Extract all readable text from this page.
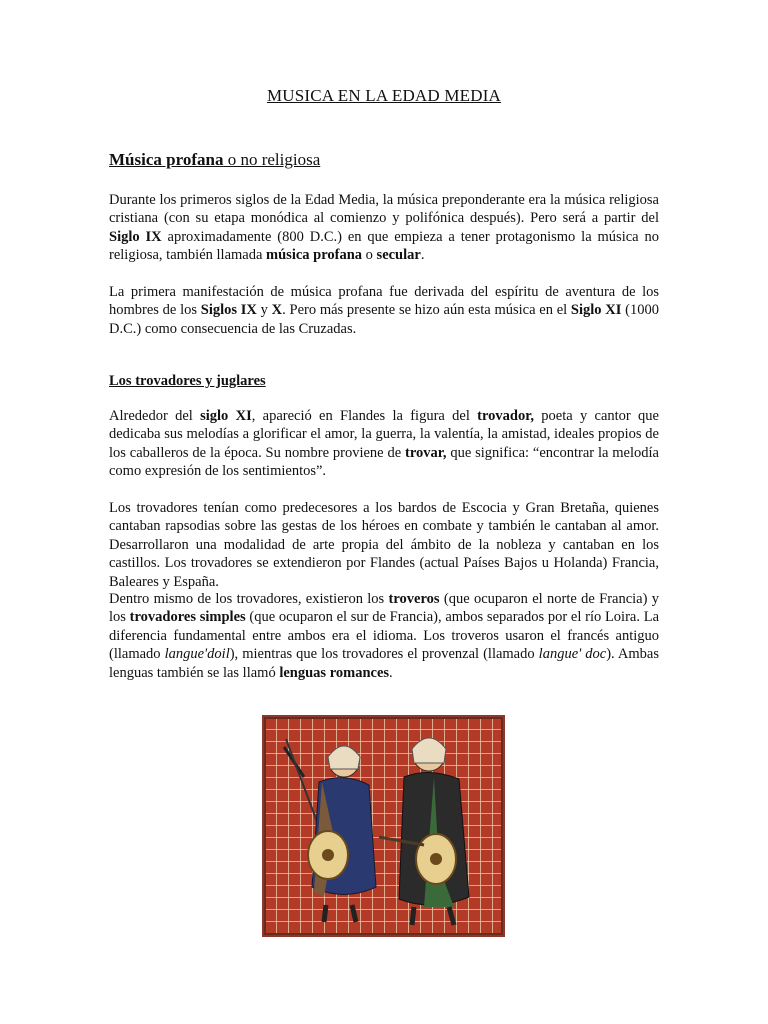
MUSICA EN LA EDAD MEDIA
Música profana o no religiosa

Durante los primeros siglos de la Edad Media, la música preponderante era la música religiosa cristiana (con su etapa monódica al comienzo y polifónica después). Pero será a partir del Siglo IX aproximadamente (800 D.C.) en que empieza a tener protagonismo la música no religiosa, también llamada música profana o secular.

La primera manifestación de música profana fue derivada del espíritu de aventura de los hombres de los Siglos IX y X. Pero más presente se hizo aún esta música en el Siglo XI (1000 D.C.) como consecuencia de las Cruzadas.

Los trovadores y juglares

Alrededor del siglo XI, apareció en Flandes la figura del trovador, poeta y cantor que dedicaba sus melodías a glorificar el amor, la guerra, la valentía, la amistad, ideales propios de los caballeros de la época. Su nombre proviene de trovar, que significa: “encontrar la melodía como expresión de los sentimientos”.

Los trovadores tenían como predecesores a los bardos de Escocia y Gran Bretaña, quienes cantaban rapsodias sobre las gestas de los héroes en combate y también le cantaban al amor. Desarrollaron una modalidad de arte propia del ámbito de la nobleza y cantaban en los castillos. Los trovadores se extendieron por Flandes (actual Países Bajos u Holanda) Francia, Baleares y España.

Dentro mismo de los trovadores, existieron los troveros (que ocuparon el norte de Francia) y los trovadores simples (que ocuparon el sur de Francia), ambos separados por el río Loira. La diferencia fundamental entre ambos era el idioma. Los troveros usaron el francés antiguo (llamado langue'doil), mientras que los trovadores el provenzal (llamado langue' doc). Ambas lenguas también se las llamó lenguas romances.
